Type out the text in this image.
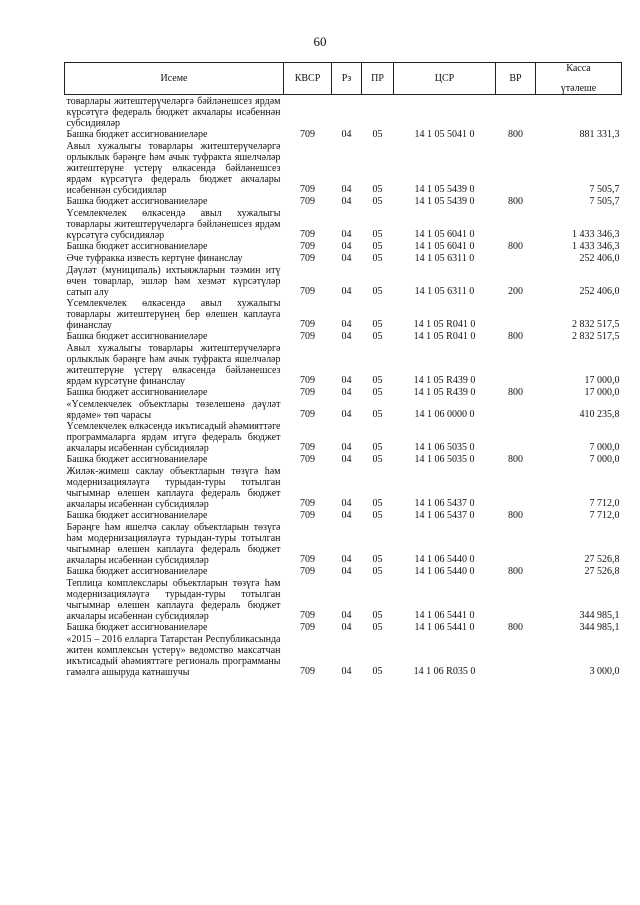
60
Исеме	КВСР	Рз	ПР	ЦСР	ВР	Касса
үтәлеше
товарлары житештерүчеләргә бәйләнешсез ярдәм күрсәтүгә федераль бюджет акчалары исәбеннән субсидияләр						
Башка бюджет ассигнованиеләре	709	04	05	14 1 05 5041 0	800	881 331,3
Авыл хужалыгы товарлары житештерүчеләргә орлыклык бәрәңге һәм ачык туфракта яшелчәләр житештерүне үстерү өлкәсендә бәйләнешсез ярдәм күрсәтүгә федераль бюджет акчалары исәбеннән субсидияләр	709	04	05	14 1 05 5439 0		7 505,7
Башка бюджет ассигнованиеләре	709	04	05	14 1 05 5439 0	800	7 505,7
Үсемлекчелек өлкәсендә авыл хужалыгы товарлары житештерүчеләргә бәйләнешсез ярдәм күрсәтүгә субсидияләр	709	04	05	14 1 05 6041 0		1 433 346,3
Башка бюджет ассигнованиеләре	709	04	05	14 1 05 6041 0	800	1 433 346,3
Әче туфракка известь кертүне финанслау	709	04	05	14 1 05 6311 0		252 406,0
Дәүләт (муниципаль) ихтыяжларын тәэмин итү өчен товарлар, эшләр һәм хезмәт күрсәтүләр сатып алу	709	04	05	14 1 05 6311 0	200	252 406,0
Үсемлекчелек өлкәсендә авыл хужалыгы товарлары житештерүнең бер өлешен каплауга финанслау	709	04	05	14 1 05 R041 0		2 832 517,5
Башка бюджет ассигнованиеләре	709	04	05	14 1 05 R041 0	800	2 832 517,5
Авыл хужалыгы товарлары житештерүчеләргә орлыклык бәрәңге һәм ачык туфракта яшелчәләр житештерүне үстерү өлкәсендә бәйләнешсез ярдәм күрсәтүне финанслау	709	04	05	14 1 05 R439 0		17 000,0
Башка бюджет ассигнованиеләре	709	04	05	14 1 05 R439 0	800	17 000,0
«Үсемлекчелек объектлары төзелешенә дәүләт ярдәме» төп чарасы	709	04	05	14 1 06 0000 0		410 235,8
Үсемлекчелек өлкәсендә икътисадый әһәмияттәге программаларга ярдәм итүгә федераль бюджет акчалары исәбеннән субсидияләр	709	04	05	14 1 06 5035 0		7 000,0
Башка бюджет ассигнованиеләре	709	04	05	14 1 06 5035 0	800	7 000,0
Жиләк-жимеш саклау объектларын төзүгә һәм модернизацияләүгә турыдан-туры тотылган чыгымнар өлешен каплауга федераль бюджет акчалары исәбеннән субсидияләр	709	04	05	14 1 06 5437 0		7 712,0
Башка бюджет ассигнованиеләре	709	04	05	14 1 06 5437 0	800	7 712,0
Бәрәңге һәм яшелчә саклау объектларын төзүгә һәм модернизацияләүгә турыдан-туры тотылган чыгымнар өлешен каплауга федераль бюджет акчалары исәбеннән субсидияләр	709	04	05	14 1 06 5440 0		27 526,8
Башка бюджет ассигнованиеләре	709	04	05	14 1 06 5440 0	800	27 526,8
Теплица комплекслары объектларын төзүгә һәм модернизацияләүгә турыдан-туры тотылган чыгымнар өлешен каплауга федераль бюджет акчалары исәбеннән субсидияләр	709	04	05	14 1 06 5441 0		344 985,1
Башка бюджет ассигнованиеләре	709	04	05	14 1 06 5441 0	800	344 985,1
«2015 – 2016 елларга Татарстан Республикасында житен комплексын үстерү» ведомство максатчан икътисадый әһәмияттәге региональ программаны гамәлгә ашыруда катнашучы	709	04	05	14 1 06 R035 0		3 000,0
